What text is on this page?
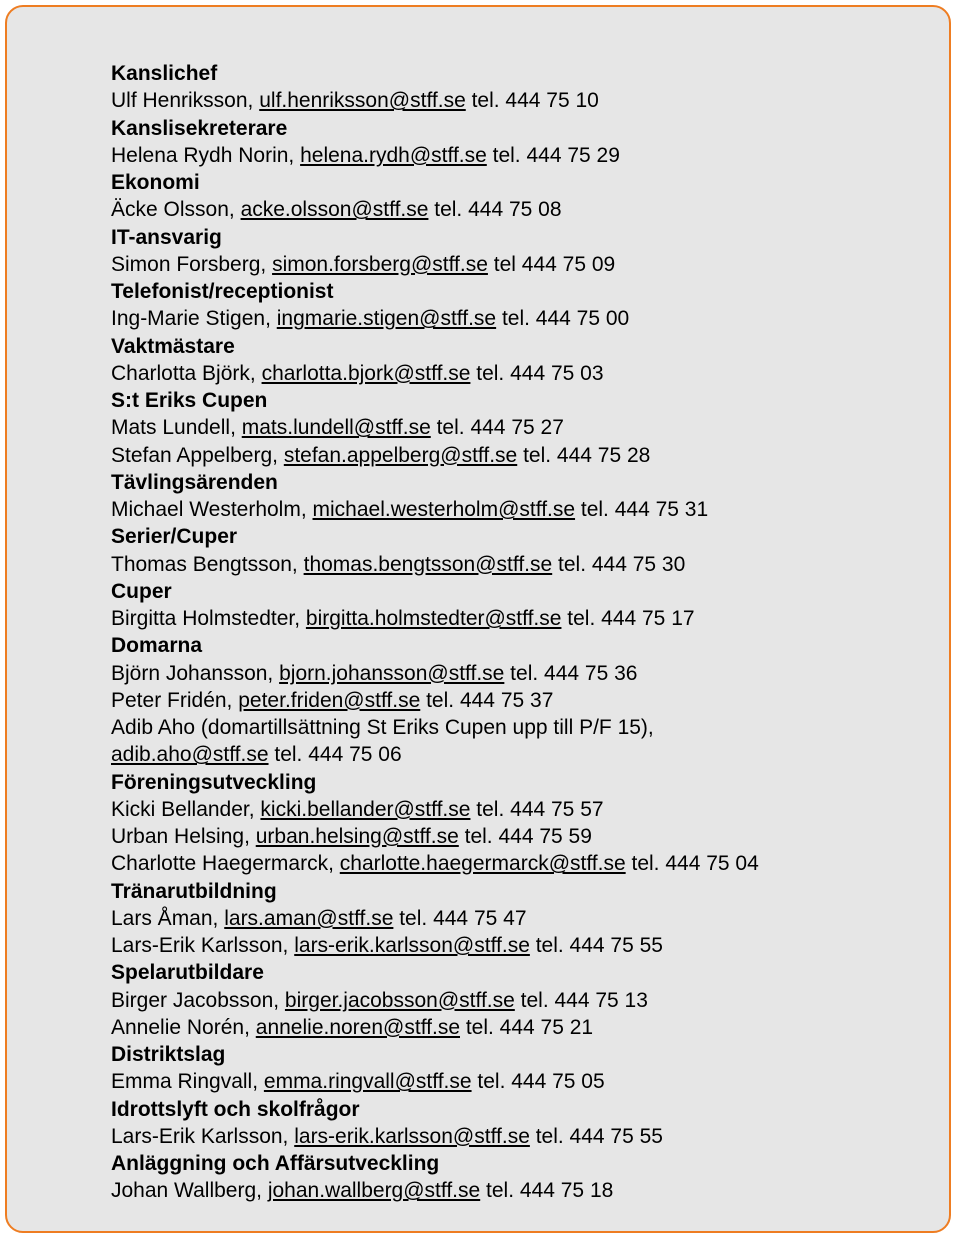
Kanslichef
Ulf Henriksson, ulf.henriksson@stff.se tel. 444 75 10
Kanslisekreterare
Helena Rydh Norin, helena.rydh@stff.se tel. 444 75 29
Ekonomi
Äcke Olsson, acke.olsson@stff.se tel. 444 75 08
IT-ansvarig
Simon Forsberg, simon.forsberg@stff.se tel 444 75 09
Telefonist/receptionist
Ing-Marie Stigen, ingmarie.stigen@stff.se tel. 444 75 00
Vaktmästare
Charlotta Björk, charlotta.bjork@stff.se tel. 444 75 03
S:t Eriks Cupen
Mats Lundell, mats.lundell@stff.se tel. 444 75 27
Stefan Appelberg, stefan.appelberg@stff.se tel. 444 75 28
Tävlingsärenden
Michael Westerholm, michael.westerholm@stff.se tel. 444 75 31
Serier/Cuper
Thomas Bengtsson, thomas.bengtsson@stff.se tel. 444 75 30
Cuper
Birgitta Holmstedter, birgitta.holmstedter@stff.se tel. 444 75 17
Domarna
Björn Johansson, bjorn.johansson@stff.se tel. 444 75 36
Peter Fridén, peter.friden@stff.se tel. 444 75 37
Adib Aho (domartillsättning St Eriks Cupen upp till P/F 15),
adib.aho@stff.se tel. 444 75 06
Föreningsutveckling
Kicki Bellander, kicki.bellander@stff.se tel. 444 75 57
Urban Helsing, urban.helsing@stff.se tel. 444 75 59
Charlotte Haegermarck, charlotte.haegermarck@stff.se tel. 444 75 04
Tränarutbildning
Lars Åman, lars.aman@stff.se tel. 444 75 47
Lars-Erik Karlsson, lars-erik.karlsson@stff.se tel. 444 75 55
Spelarutbildare
Birger Jacobsson, birger.jacobsson@stff.se tel. 444 75 13
Annelie Norén, annelie.noren@stff.se tel. 444 75 21
Distriktslag
Emma Ringvall, emma.ringvall@stff.se tel. 444 75 05
Idrottslyft och skolfrågor
Lars-Erik Karlsson, lars-erik.karlsson@stff.se tel. 444 75 55
Anläggning och Affärsutveckling
Johan Wallberg, johan.wallberg@stff.se tel. 444 75 18
